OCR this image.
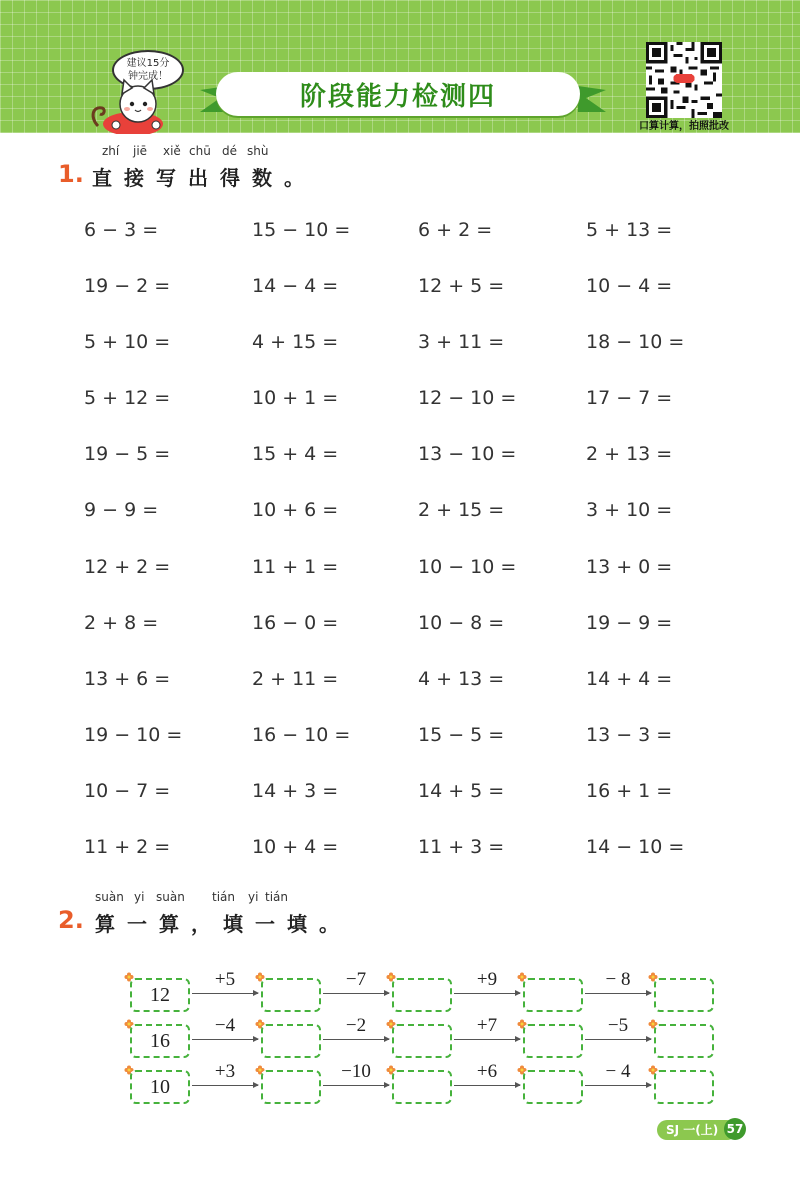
建议15分钟完成！
阶段能力检测四
口算计算，拍照批改
zhí jiē xiě chū dé shù
1. 直接写出得数。
6 − 3 =	15 − 10 =	6 + 2 =	5 + 13 =
19 − 2 =	14 − 4 =	12 + 5 =	10 − 4 =
5 + 10 =	4 + 15 =	3 + 11 =	18 − 10 =
5 + 12 =	10 + 1 =	12 − 10 =	17 − 7 =
19 − 5 =	15 + 4 =	13 − 10 =	2 + 13 =
9 − 9 =	10 + 6 =	2 + 15 =	3 + 10 =
12 + 2 =	11 + 1 =	10 − 10 =	13 + 0 =
2 + 8 =	16 − 0 =	10 − 8 =	19 − 9 =
13 + 6 =	2 + 11 =	4 + 13 =	14 + 4 =
19 − 10 =	16 − 10 =	15 − 5 =	13 − 3 =
10 − 7 =	14 + 3 =	14 + 5 =	16 + 1 =
11 + 2 =	10 + 4 =	11 + 3 =	14 − 10 =
suàn yi suàn tián yi tián
2. 算一算，填一填。
12
+5	−7	+9	− 8
16
−4	−2	+7	−5
10
+3	−10	+6	− 4
SJ 一(上) 57
